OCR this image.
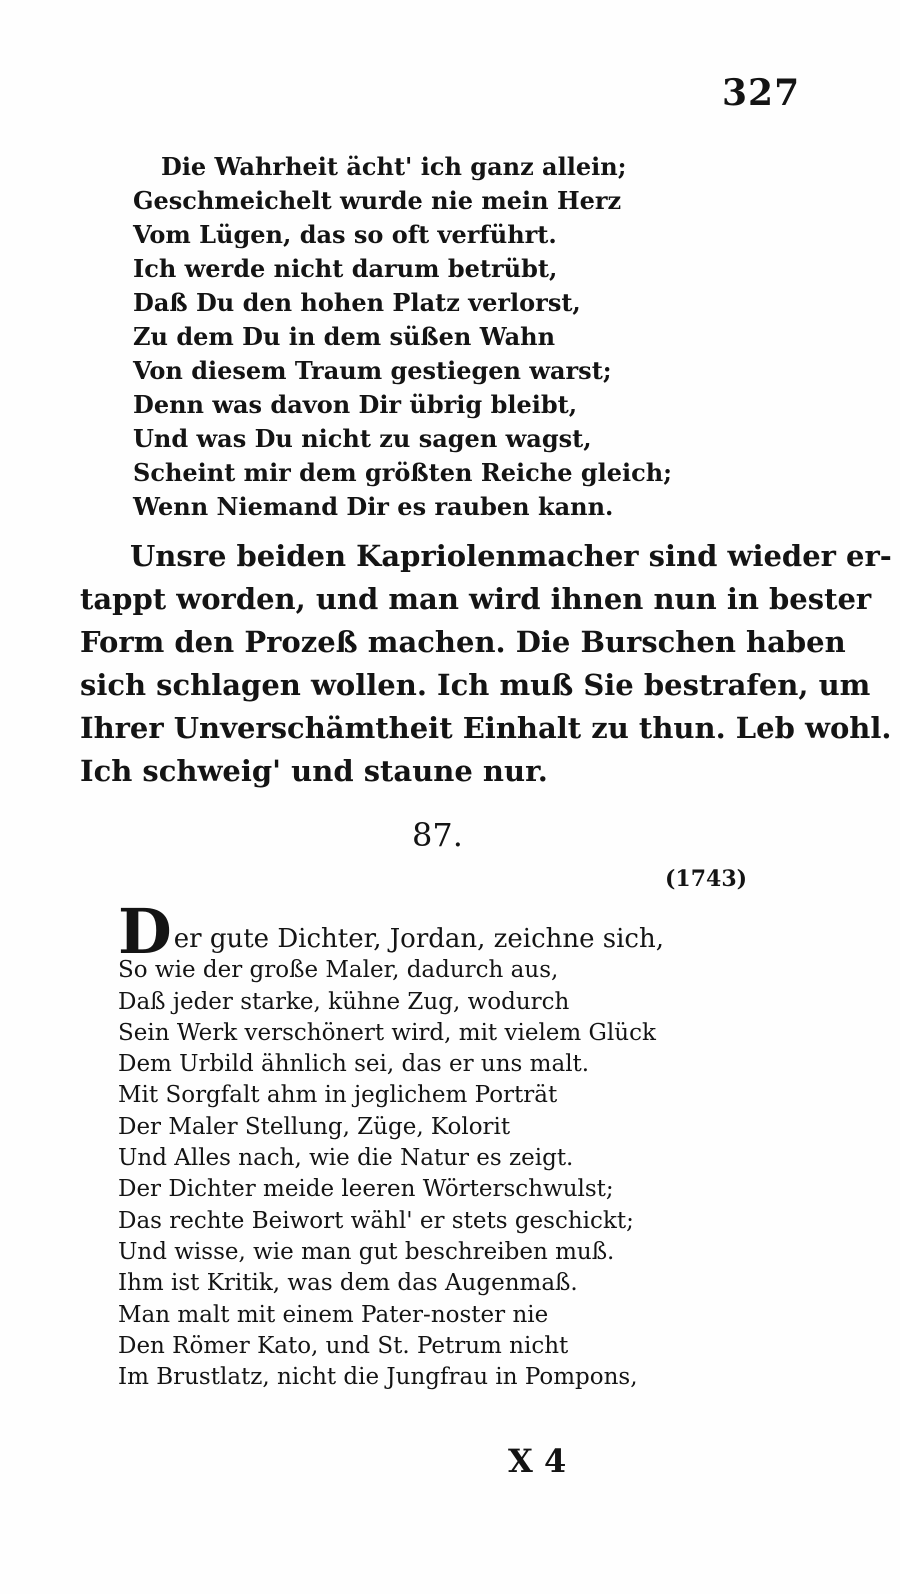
327
Die Wahrheit ächt' ich ganz allein;
Geschmeichelt wurde nie mein Herz
Vom Lügen, das so oft verführt.
Ich werde nicht darum betrübt,
Daß Du den hohen Platz verlorst,
Zu dem Du in dem süßen Wahn
Von diesem Traum gestiegen warst;
Denn was davon Dir übrig bleibt,
Und was Du nicht zu sagen wagst,
Scheint mir dem größten Reiche gleich;
Wenn Niemand Dir es rauben kann.
Unsre beiden Kapriolenmacher sind wieder er-
tappt worden, und man wird ihnen nun in bester
Form den Prozeß machen. Die Burschen haben
sich schlagen wollen. Ich muß Sie bestrafen, um
Ihrer Unverschämtheit Einhalt zu thun. Leb wohl.
Ich schweig' und staune nur.
87.
(1743)
Der gute Dichter, Jordan, zeichne sich,
So wie der große Maler, dadurch aus,
Daß jeder starke, kühne Zug, wodurch
Sein Werk verschönert wird, mit vielem Glück
Dem Urbild ähnlich sei, das er uns malt.
Mit Sorgfalt ahm in jeglichem Porträt
Der Maler Stellung, Züge, Kolorit
Und Alles nach, wie die Natur es zeigt.
Der Dichter meide leeren Wörterschwulst;
Das rechte Beiwort wähl' er stets geschickt;
Und wisse, wie man gut beschreiben muß.
Ihm ist Kritik, was dem das Augenmaß.
Man malt mit einem Pater-noster nie
Den Römer Kato, und St. Petrum nicht
Im Brustlatz, nicht die Jungfrau in Pompons,
X 4
